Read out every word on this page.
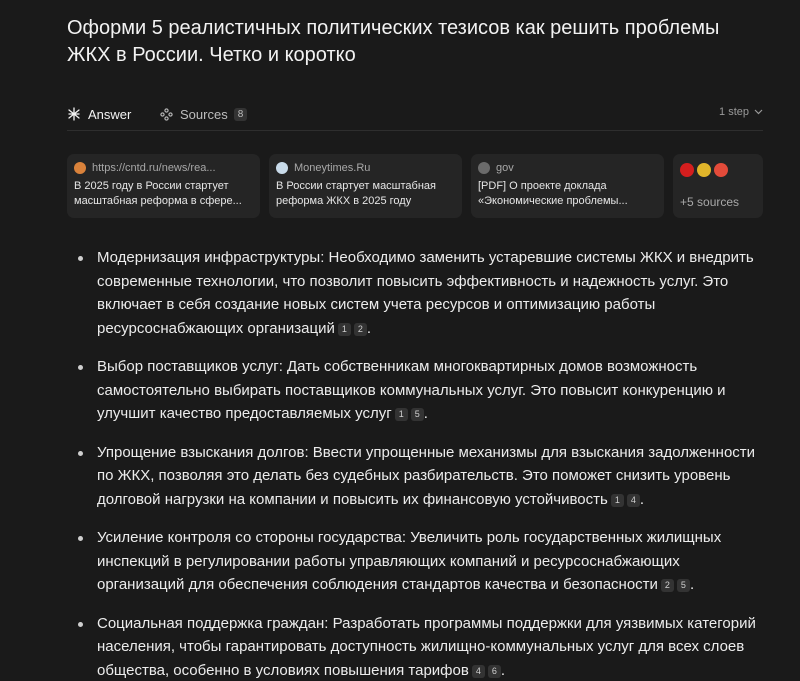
Оформи 5 реалистичных политических тезисов как решить проблемы ЖКХ в России. Четко и коротко
Answer	Sources	8	1 step
https://cntd.ru/news/rea...
В 2025 году в России стартует масштабная реформа в сфере...
Moneytimes.Ru
В России стартует масштабная реформа ЖКХ в 2025 году
gov
[PDF] О проекте доклада «Экономические проблемы...	+5 sources
Модернизация инфраструктуры: Необходимо заменить устаревшие системы ЖКХ и внедрить современные технологии, что позволит повысить эффективность и надежность услуг. Это включает в себя создание новых систем учета ресурсов и оптимизацию работы ресурсоснабжающих организаций 1 2 .
Выбор поставщиков услуг: Дать собственникам многоквартирных домов возможность самостоятельно выбирать поставщиков коммунальных услуг. Это повысит конкуренцию и улучшит качество предоставляемых услуг 1 5 .
Упрощение взыскания долгов: Ввести упрощенные механизмы для взыскания задолженности по ЖКХ, позволяя это делать без судебных разбирательств. Это поможет снизить уровень долговой нагрузки на компании и повысить их финансовую устойчивость 1 4 .
Усиление контроля со стороны государства: Увеличить роль государственных жилищных инспекций в регулировании работы управляющих компаний и ресурсоснабжающих организаций для обеспечения соблюдения стандартов качества и безопасности 2 5 .
Социальная поддержка граждан: Разработать программы поддержки для уязвимых категорий населения, чтобы гарантировать доступность жилищно-коммунальных услуг для всех слоев общества, особенно в условиях повышения тарифов 4 6 .
